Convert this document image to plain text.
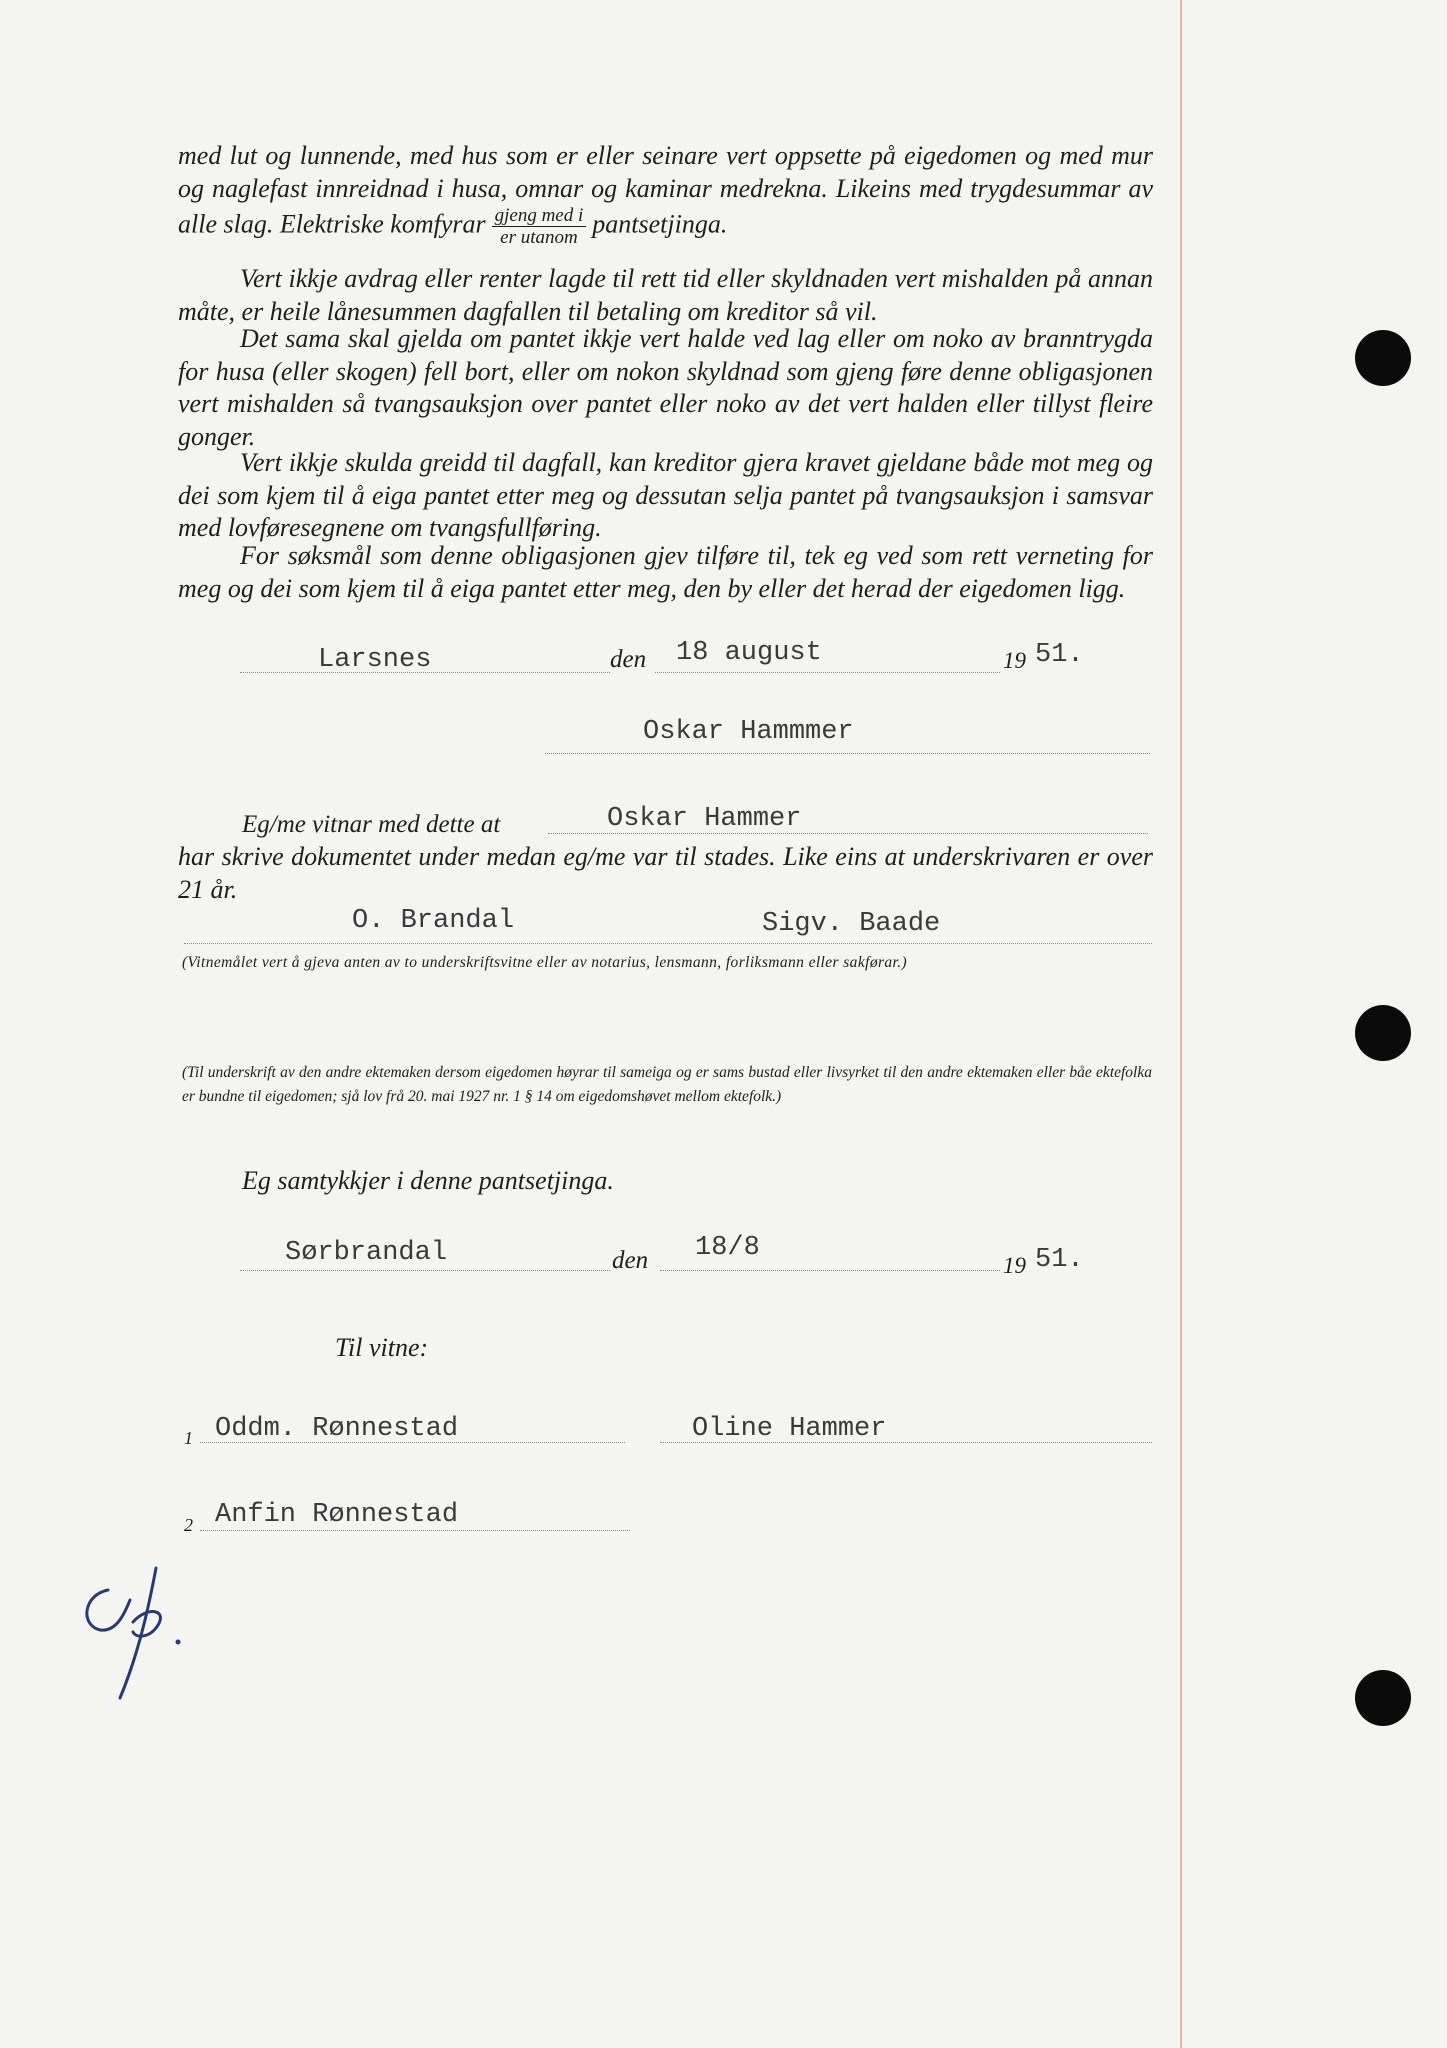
med lut og lunnende, med hus som er eller seinare vert oppsette på eigedomen og med mur og naglefast innreidnad i husa, omnar og kaminar medrekna. Likeins med trygdesummar av alle slag. Elektriske komfyrar $\frac{\text{gjeng med i}}{\text{er utanom}}$ pantsetjinga.

Vert ikkje avdrag eller renter lagde til rett tid eller skyldnaden vert mishalden på annan måte, er heile lånesummen dagfallen til betaling om kreditor så vil.

Det sama skal gjelda om pantet ikkje vert halde ved lag eller om noko av branntrygda for husa (eller skogen) fell bort, eller om nokon skyldnad som gjeng føre denne obligasjonen vert mishalden så tvangsauksjon over pantet eller noko av det vert halden eller tillyst fleire gonger.

Vert ikkje skulda greidd til dagfall, kan kreditor gjera kravet gjeldane både mot meg og dei som kjem til å eiga pantet etter meg og dessutan selja pantet på tvangsauksjon i samsvar med lovføresegnene om tvangsfullføring.

For søksmål som denne obligasjonen gjev tilføre til, tek eg ved som rett verneting for meg og dei som kjem til å eiga pantet etter meg, den by eller det herad der eigedomen ligg.

Larsnes	den 18 august	19 51.
Oskar Hammmer
Eg/me vitnar med dette at	Oskar Hammer

har skrive dokumentet under medan eg/me var til stades. Like eins at underskrivaren er over 21 år.

O. Brandal	Sigv. Baade

(Vitnemålet vert å gjeva anten av to underskriftsvitne eller av notarius, lensmann, forliksmann eller sakførar.)

(Til underskrift av den andre ektemaken dersom eigedomen høyrar til sameiga og er sams bustad eller livsyrket til den andre ektemaken eller båe ektefolka er bundne til eigedomen; sjå lov frå 20. mai 1927 nr. 1 § 14 om eigedomshøvet mellom ektefolk.)

Eg samtykkjer i denne pantsetjinga.
Sørbrandal	den 18/8
19 51.
Til vitne:
1 Oddm. Rønnestad	Oline Hammer
2 Anfin Rønnestad
